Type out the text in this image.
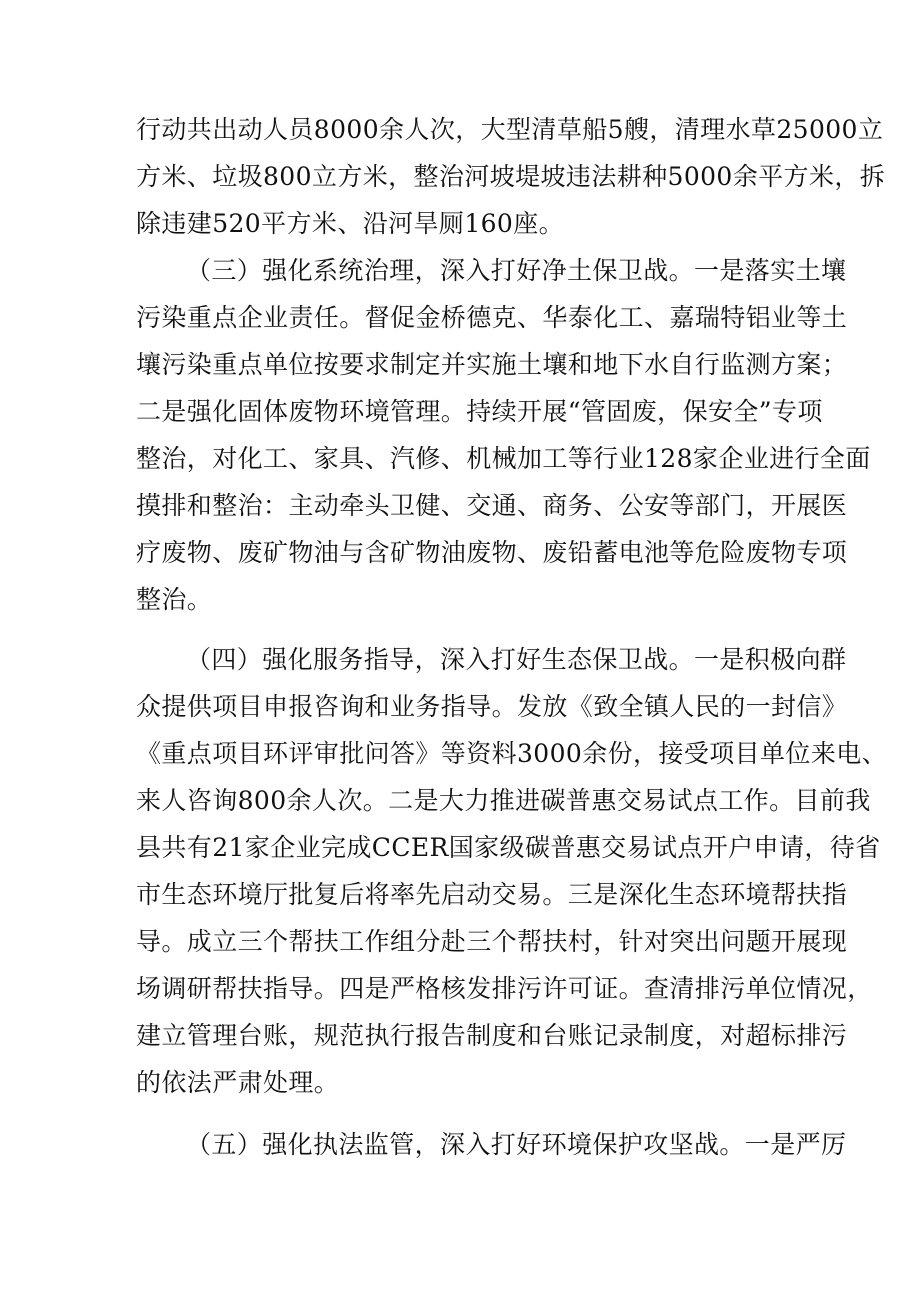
行动共出动人员8000余人次，大型清草船5艘，清理水草25000立
方米、垃圾800立方米，整治河坡堤坡违法耕种5000余平方米，拆
除违建520平方米、沿河旱厕160座。
（三）强化系统治理，深入打好净土保卫战。一是落实土壤
污染重点企业责任。督促金桥德克、华泰化工、嘉瑞特铝业等土
壤污染重点单位按要求制定并实施土壤和地下水自行监测方案；
二是强化固体废物环境管理。持续开展“管固废，保安全”专项
整治，对化工、家具、汽修、机械加工等行业128家企业进行全面
摸排和整治：主动牵头卫健、交通、商务、公安等部门，开展医
疗废物、废矿物油与含矿物油废物、废铅蓄电池等危险废物专项
整治。
（四）强化服务指导，深入打好生态保卫战。一是积极向群
众提供项目申报咨询和业务指导。发放《致全镇人民的一封信》
《重点项目环评审批问答》等资料3000余份，接受项目单位来电、
来人咨询800余人次。二是大力推进碳普惠交易试点工作。目前我
县共有21家企业完成CCER国家级碳普惠交易试点开户申请，待省
市生态环境厅批复后将率先启动交易。三是深化生态环境帮扶指
导。成立三个帮扶工作组分赴三个帮扶村，针对突出问题开展现
场调研帮扶指导。四是严格核发排污许可证。查清排污单位情况，
建立管理台账，规范执行报告制度和台账记录制度，对超标排污
的依法严肃处理。
（五）强化执法监管，深入打好环境保护攻坚战。一是严厉
